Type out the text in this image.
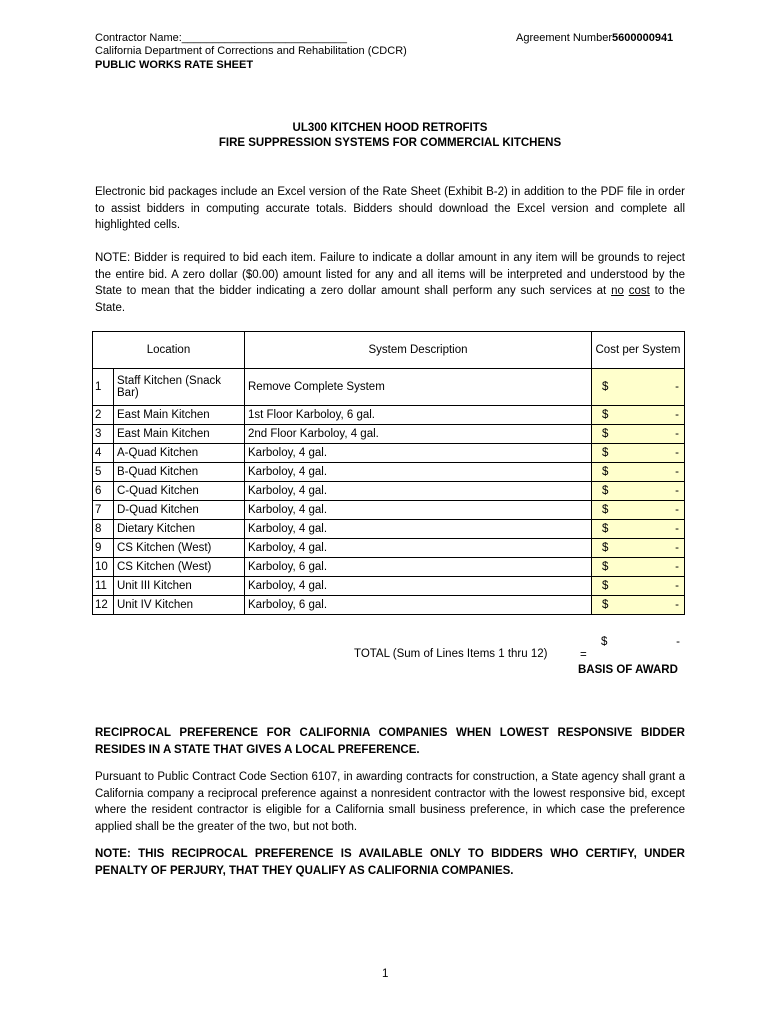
Contractor Name:___________________________	Agreement Number5600000941
California Department of Corrections and Rehabilitation (CDCR)
PUBLIC WORKS RATE SHEET
UL300 KITCHEN HOOD RETROFITS
FIRE SUPPRESSION SYSTEMS FOR COMMERCIAL KITCHENS
Electronic bid packages include an Excel version of the Rate Sheet (Exhibit B-2) in addition to the PDF file in order to assist bidders in computing accurate totals. Bidders should download the Excel version and complete all highlighted cells.
NOTE: Bidder is required to bid each item. Failure to indicate a dollar amount in any item will be grounds to reject the entire bid. A zero dollar ($0.00) amount listed for any and all items will be interpreted and understood by the State to mean that the bidder indicating a zero dollar amount shall perform any such services at no cost to the State.
Location		System Description	Cost per System
1	Staff Kitchen (Snack Bar)	Remove Complete System	$ -

2	East Main Kitchen	1st Floor Karboloy, 6 gal.	$ -

3	East Main Kitchen	2nd Floor Karboloy, 4 gal.	$ -

4	A-Quad Kitchen	Karboloy, 4 gal.	$ -

5	B-Quad Kitchen	Karboloy, 4 gal.	$ -

6	C-Quad Kitchen	Karboloy, 4 gal.	$ -

7	D-Quad Kitchen	Karboloy, 4 gal.	$ -

8	Dietary Kitchen	Karboloy, 4 gal.	$ -

9	CS Kitchen (West)	Karboloy, 4 gal.	$ -

10	CS Kitchen (West)	Karboloy, 6 gal.	$ -

11	Unit III Kitchen	Karboloy, 4 gal.	$ -

12	Unit IV Kitchen	Karboloy, 6 gal.	$ -
$	-
TOTAL (Sum of Lines Items 1 thru 12)	=
BASIS OF AWARD
RECIPROCAL PREFERENCE FOR CALIFORNIA COMPANIES WHEN LOWEST RESPONSIVE BIDDER RESIDES IN A STATE THAT GIVES A LOCAL PREFERENCE.
Pursuant to Public Contract Code Section 6107, in awarding contracts for construction, a State agency shall grant a California company a reciprocal preference against a nonresident contractor with the lowest responsive bid, except where the resident contractor is eligible for a California small business preference, in which case the preference applied shall be the greater of the two, but not both.
NOTE: THIS RECIPROCAL PREFERENCE IS AVAILABLE ONLY TO BIDDERS WHO CERTIFY, UNDER PENALTY OF PERJURY, THAT THEY QUALIFY AS CALIFORNIA COMPANIES.
1
